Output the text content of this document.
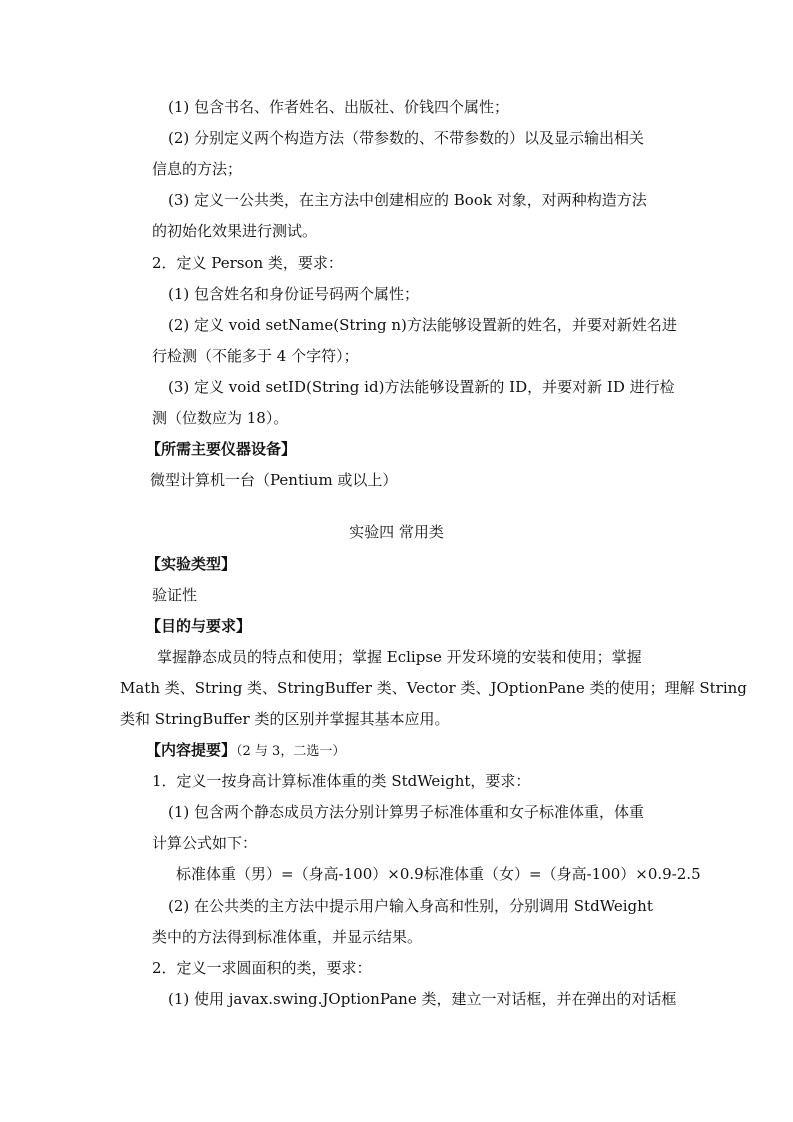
(1) 包含书名、作者姓名、出版社、价钱四个属性；
(2) 分别定义两个构造方法（带参数的、不带参数的）以及显示输出相关
信息的方法；
(3) 定义一公共类，在主方法中创建相应的 Book 对象，对两种构造方法
的初始化效果进行测试。
2．定义 Person 类，要求：
(1) 包含姓名和身份证号码两个属性；
(2) 定义 void setName(String n)方法能够设置新的姓名，并要对新姓名进
行检测（不能多于 4 个字符）；
(3) 定义 void setID(String id)方法能够设置新的 ID，并要对新 ID 进行检
测（位数应为 18）。
【所需主要仪器设备】
微型计算机一台（Pentium 或以上）
实验四 常用类
【实验类型】
验证性
【目的与要求】
掌握静态成员的特点和使用；掌握 Eclipse 开发环境的安装和使用；掌握
Math 类、String 类、StringBuffer 类、Vector 类、JOptionPane 类的使用；理解 String
类和 StringBuffer 类的区别并掌握其基本应用。
【内容提要】（2 与 3，二选一）
1．定义一按身高计算标准体重的类 StdWeight，要求：
(1) 包含两个静态成员方法分别计算男子标准体重和女子标准体重，体重
计算公式如下：
标准体重（男）=（身高-100）×0.9 标准体重（女）=（身高-100）×0.9-2.5
(2) 在公共类的主方法中提示用户输入身高和性别，分别调用 StdWeight
类中的方法得到标准体重，并显示结果。
2．定义一求圆面积的类，要求：
(1) 使用 javax.swing.JOptionPane 类，建立一对话框，并在弹出的对话框
